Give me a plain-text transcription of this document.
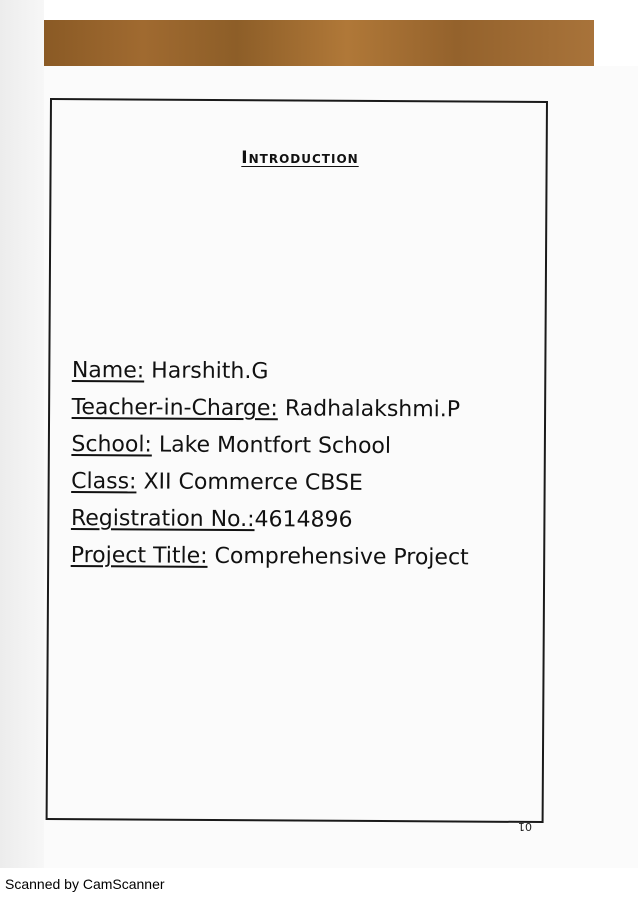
Introduction
Name: Harshith.G
Teacher-in-Charge: Radhalakshmi.P
School: Lake Montfort School
Class: XII Commerce CBSE
Registration No.:4614896
Project Title: Comprehensive Project
01
Scanned by CamScanner
